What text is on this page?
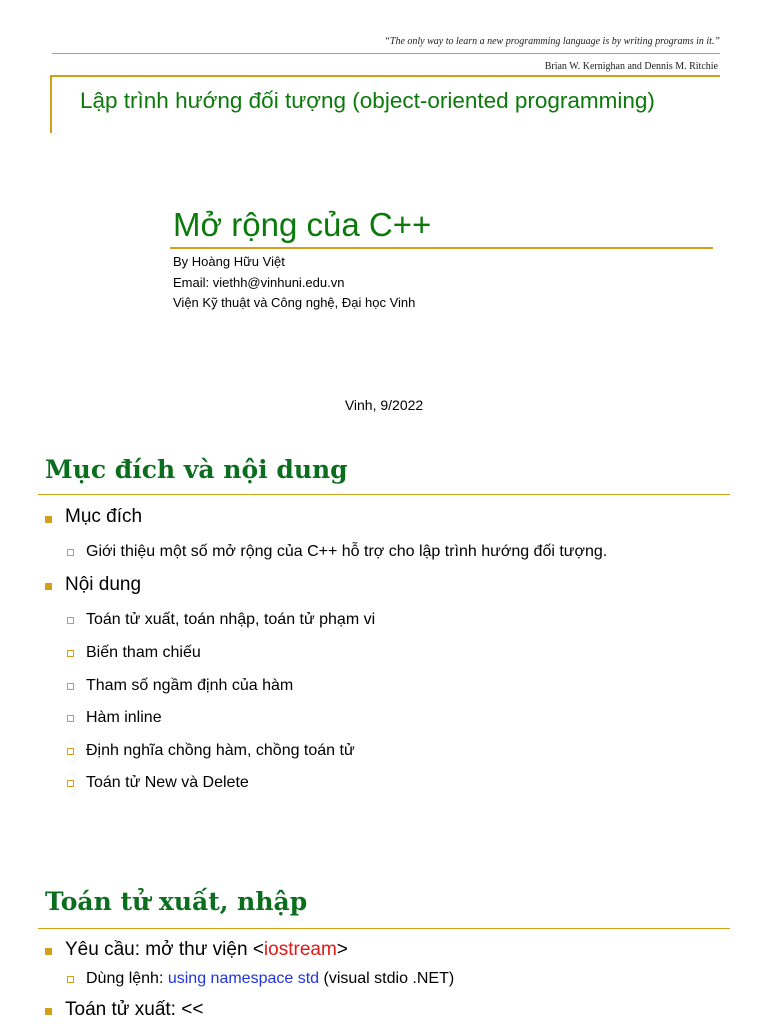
“The only way to learn a new programming language is by writing programs in it.”
Brian W. Kernighan and Dennis M. Ritchie
Lập trình hướng đối tượng (object-oriented programming)
Mở rộng của C++
By Hoàng Hữu Việt
Email: viethh@vinhuni.edu.vn
Viện Kỹ thuật và Công nghệ, Đại học Vinh
Vinh, 9/2022
Mục đích và nội dung
Mục đích
Giới thiệu một số mở rộng của C++ hỗ trợ cho lập trình hướng đối tượng.
Nội dung
Toán tử xuất, toán nhập, toán tử phạm vi
Biến tham chiếu
Tham số ngầm định của hàm
Hàm inline
Định nghĩa chồng hàm, chồng toán tử
Toán tử New và Delete
Toán tử xuất, nhập
Yêu cầu: mở thư viện <iostream>
Dùng lệnh: using namespace std (visual stdio .NET)
Toán tử xuất: <<
